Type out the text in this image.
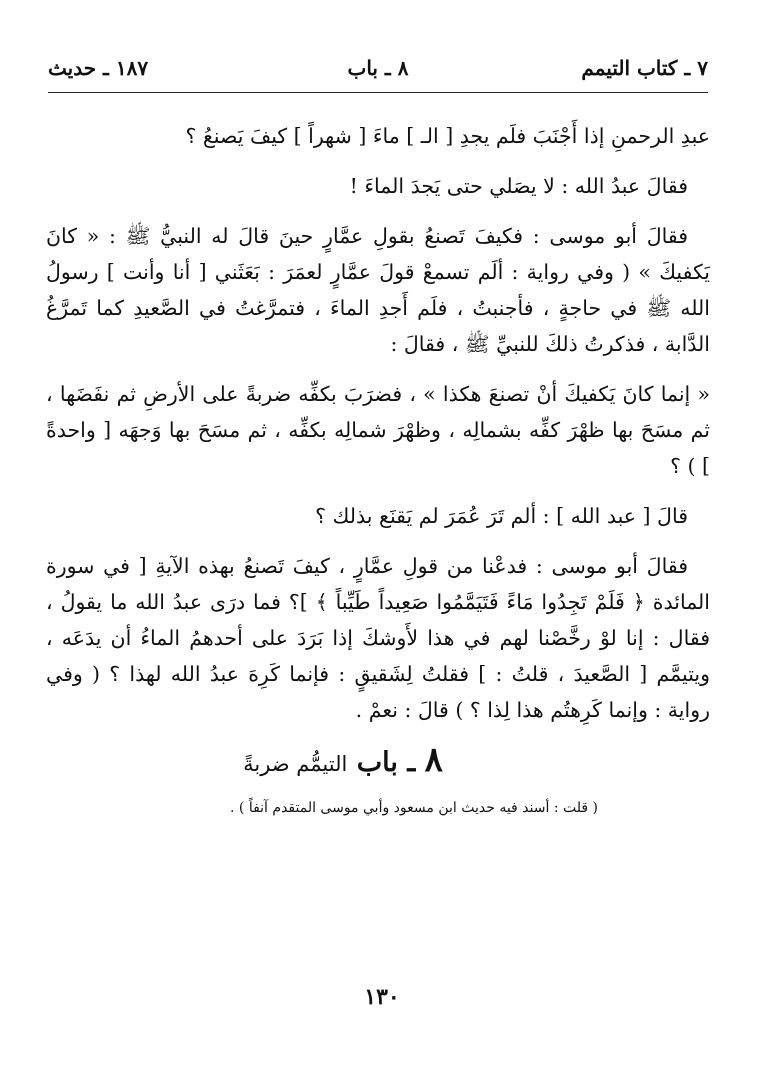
٧ ـ كتاب التيمم
٨ ـ باب
١٨٧ ـ حديث

عبدِ الرحمنِ إذا أَجْنَبَ فلَم يجدِ [ الـ ] ماءَ [ شهراً ] كيفَ يَصنعُ ؟

فقالَ عبدُ الله : لا يصَلي حتى يَجدَ الماءَ !

فقالَ أبو موسى : فكيفَ تَصنعُ بقولِ عمَّارٍ حينَ قالَ له النبيُّ ﷺ : « كانَ يَكفيكَ » ( وفي رواية : ألَم تسمعْ قولَ عمَّارٍ لعمَرَ : بَعَثَني [ أنا وأنت ] رسولُ الله ﷺ في حاجةٍ ، فأجنبتُ ، فلَم أَجدِ الماءَ ، فتمرَّغتُ في الصَّعيدِ كما تَمرَّغُ الدَّابة ، فذكرتُ ذلكَ للنبيِّ ﷺ ، فقالَ :

« إنما كانَ يَكفيكَ أنْ تصنعَ هكذا » ، فضرَبَ بكفِّه ضربةً على الأرضِ ثم نفَضَها ، ثم مسَحَ بها ظهْرَ كفِّه بشمالِه ، وظهْرَ شمالِه بكفِّه ، ثم مسَحَ بها وَجهَه [ واحدةً ] ) ؟

قالَ [ عبد الله ] : ألم تَرَ عُمَرَ لم يَقنَع بذلك ؟

فقالَ أبو موسى : فدعْنا من قولِ عمَّارٍ ، كيفَ تَصنعُ بهذه الآيةِ [ في سورة المائدة ﴿ فَلَمْ تَجِدُوا مَاءً فَتَيَمَّمُوا صَعِيداً طَيِّباً ﴾ ]؟ فما درَى عبدُ الله ما يقولُ ، فقال : إنا لوْ رخَّصْنا لهم في هذا لأَوشكَ إذا بَرَدَ على أحدهمُ الماءُ أن يدَعَه ، ويتيمَّم [ الصَّعيدَ ، قلتُ : ] فقلتُ لِشَقيقٍ : فإنما كَرِهَ عبدُ الله لهذا ؟ ( وفي رواية : وإنما كَرِهتُم هذا لِذا ؟ ) قالَ : نعمْ .

٨ ـ باب التيمُّم ضربةً
( قلت : أسند فيه حديث ابن مسعود وأبي موسى المتقدم آنفاً ) .
١٣٠
